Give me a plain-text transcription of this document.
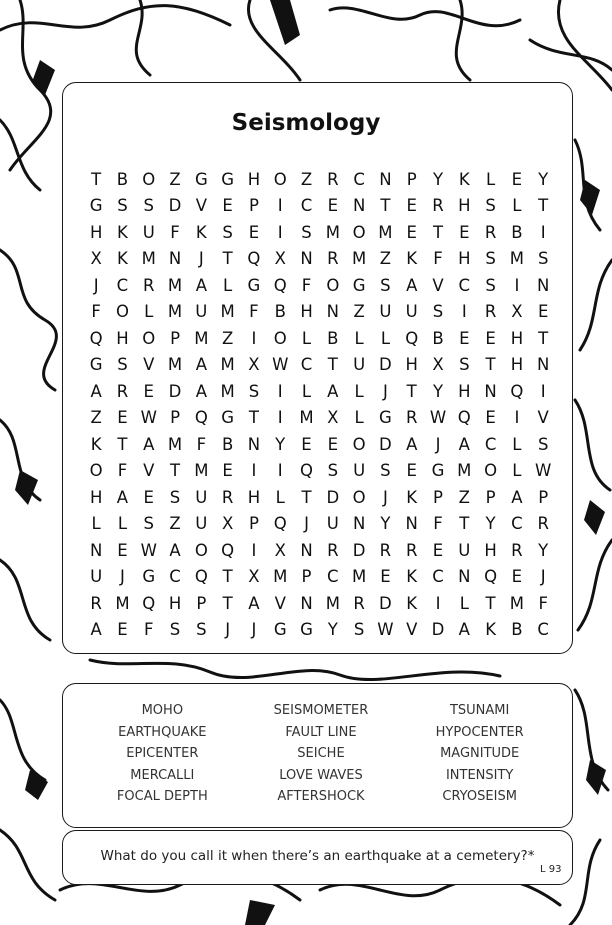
Seismology
T B O Z G G H O Z R C N P Y K L E Y
G S S D V E P	I	C E N T E R H S L	T
H K U F K S E	I	S M O M E T E R B	I
X K M N	J	T Q X N R M Z K F H S M S
J	C R M A L G Q F O G S A V C S	I	N
F O L M U M F B H N Z U U S	I	R X E
Q H O P M Z	I	O L B L	L Q B E E H T
G S V M A M X W C T U D H X S T H N
A R E D A M S	I	L A L	J	T Y H N Q	I
Z E W P Q G T	I	M X L G R W Q E	I	V
K T A M F B N Y E E O D A	J	A C L S
O F V T M E	I	I	Q S U S E G M O L W
H A E S U R H L	T D O	J	K P Z P A P
L	L S Z U X P Q	J	U N Y N F	T Y C R
N E W A O Q	I	X N R D R R E U H R Y
U	J	G C Q T X M P C M E K C N Q E	J
R M Q H P T A V N M R D K	I	L	T M F
A E F S S	J	J	G G Y S W V D A K B C
MOHO	SEISMOMETER	TSUNAMI
EARTHQUAKE	FAULT LINE	HYPOCENTER
EPICENTER	SEICHE	MAGNITUDE
MERCALLI	LOVE WAVES	INTENSITY
FOCAL DEPTH	AFTERSHOCK	CRYOSEISM
What do you call it when there’s an earthquake at a cemetery?*
L 93
